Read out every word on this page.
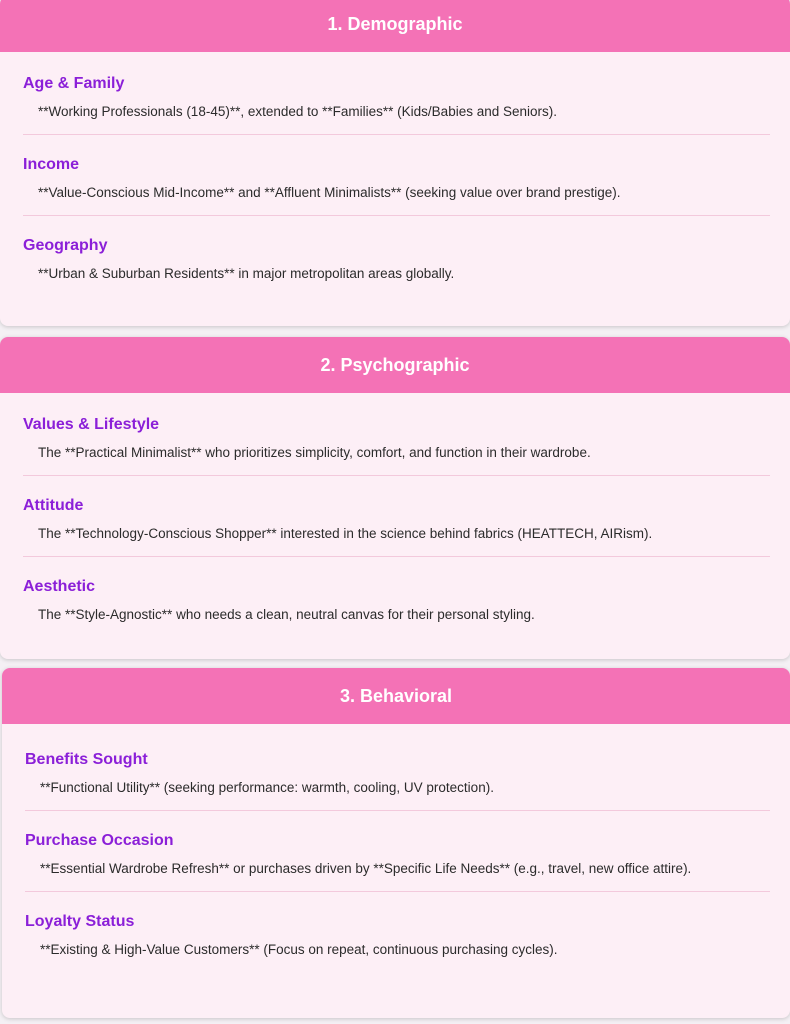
1. Demographic
Age & Family
**Working Professionals (18-45)**, extended to **Families** (Kids/Babies and Seniors).
Income
**Value-Conscious Mid-Income** and **Affluent Minimalists** (seeking value over brand prestige).
Geography
**Urban & Suburban Residents** in major metropolitan areas globally.
2. Psychographic
Values & Lifestyle
The **Practical Minimalist** who prioritizes simplicity, comfort, and function in their wardrobe.
Attitude
The **Technology-Conscious Shopper** interested in the science behind fabrics (HEATTECH, AIRism).
Aesthetic
The **Style-Agnostic** who needs a clean, neutral canvas for their personal styling.
3. Behavioral
Benefits Sought
**Functional Utility** (seeking performance: warmth, cooling, UV protection).
Purchase Occasion
**Essential Wardrobe Refresh** or purchases driven by **Specific Life Needs** (e.g., travel, new office attire).
Loyalty Status
**Existing & High-Value Customers** (Focus on repeat, continuous purchasing cycles).
